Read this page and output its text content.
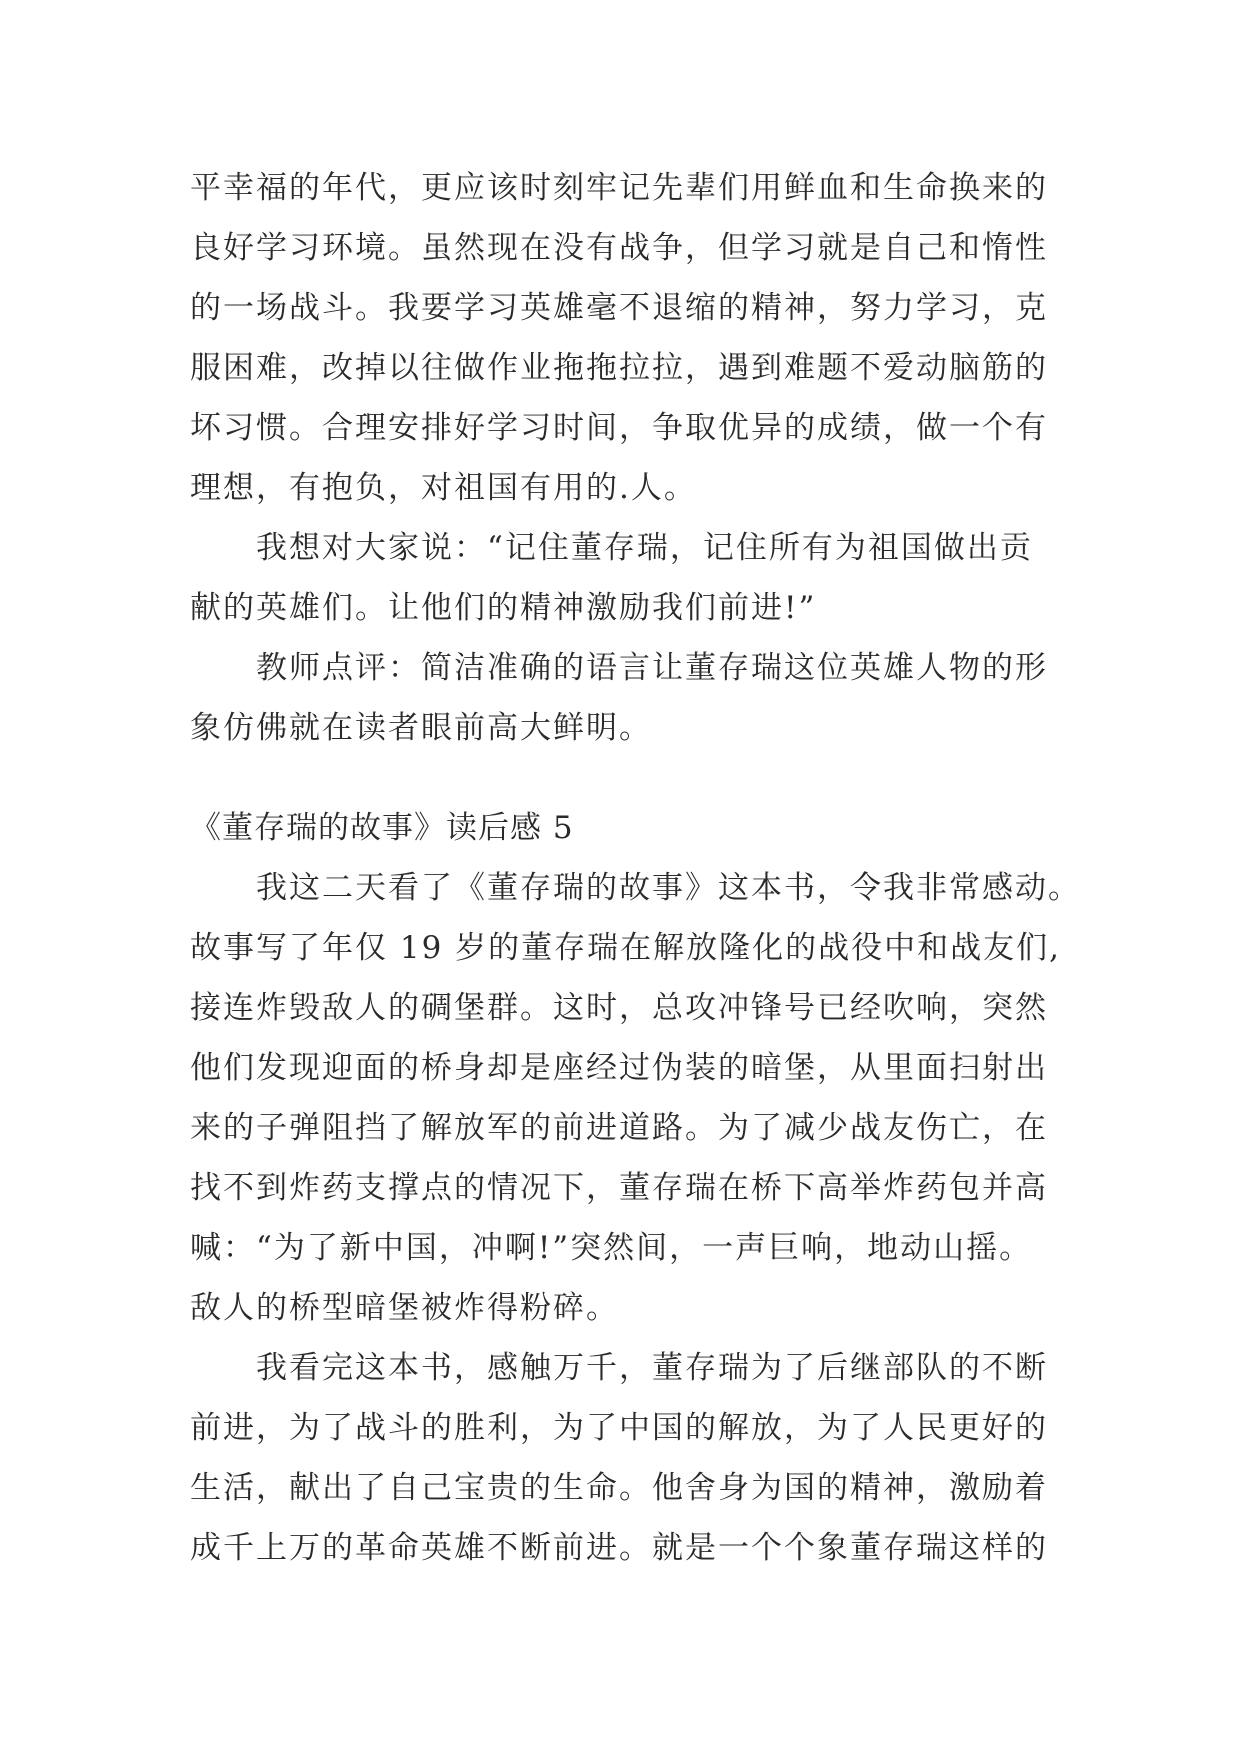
平幸福的年代，更应该时刻牢记先辈们用鲜血和生命换来的
良好学习环境。虽然现在没有战争，但学习就是自己和惰性
的一场战斗。我要学习英雄毫不退缩的精神，努力学习，克
服困难，改掉以往做作业拖拖拉拉，遇到难题不爱动脑筋的
坏习惯。合理安排好学习时间，争取优异的成绩，做一个有
理想，有抱负，对祖国有用的.人。
我想对大家说：“记住董存瑞，记住所有为祖国做出贡
献的英雄们。让他们的精神激励我们前进!”
教师点评：简洁准确的语言让董存瑞这位英雄人物的形
象仿佛就在读者眼前高大鲜明。
《董存瑞的故事》读后感 5
我这二天看了《董存瑞的故事》这本书，令我非常感动。
故事写了年仅 19 岁的董存瑞在解放隆化的战役中和战友们,
接连炸毁敌人的碉堡群。这时，总攻冲锋号已经吹响，突然
他们发现迎面的桥身却是座经过伪装的暗堡，从里面扫射出
来的子弹阻挡了解放军的前进道路。为了减少战友伤亡，在
找不到炸药支撑点的情况下，董存瑞在桥下高举炸药包并高
喊：“为了新中国，冲啊!”突然间，一声巨响，地动山摇。
敌人的桥型暗堡被炸得粉碎。
我看完这本书，感触万千，董存瑞为了后继部队的不断
前进，为了战斗的胜利，为了中国的解放，为了人民更好的
生活，献出了自己宝贵的生命。他舍身为国的精神，激励着
成千上万的革命英雄不断前进。就是一个个象董存瑞这样的
